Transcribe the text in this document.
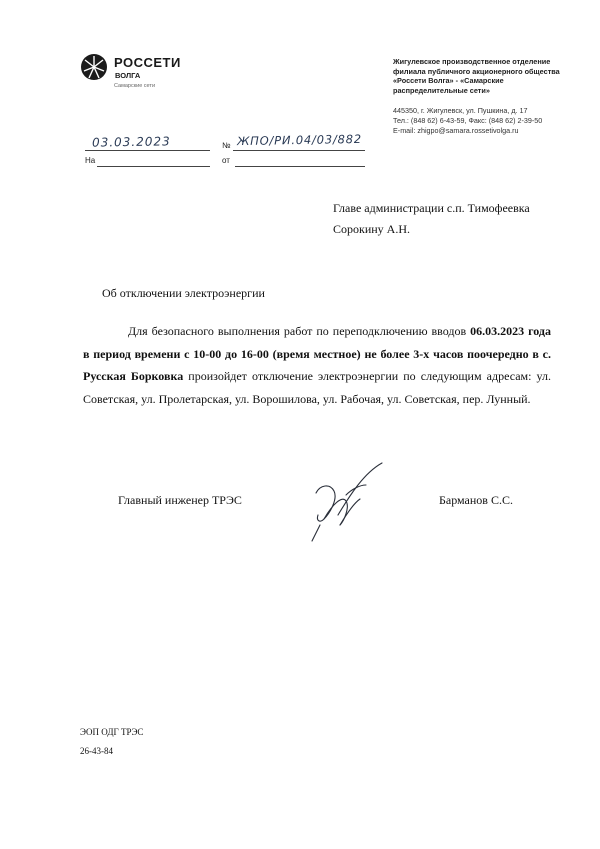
РОССЕТИ
ВОЛГА
Самарские сети
Жигулевское производственное отделение
филиала публичного акционерного общества
«Россети Волга» - «Самарские
распределительные сети»
445350, г. Жигулевск, ул. Пушкина, д. 17
Тел.: (848 62) 6-43-59, Факс: (848 62) 2-39-50
E-mail: zhigpo@samara.rossetivolga.ru
03.03.2023	№ ЖПО/РИ.04/03/882
На	от
Главе администрации с.п. Тимофеевка
Сорокину А.Н.
Об отключении электроэнергии
Для безопасного выполнения работ по переподключению вводов 06.03.2023 года в период времени с 10-00 до 16-00 (время местное) не более 3-х часов поочередно в с. Русская Борковка произойдет отключение электроэнергии по следующим адресам: ул. Советская, ул. Пролетарская, ул. Ворошилова, ул. Рабочая, ул. Советская, пер. Лунный.
Главный инженер ТРЭС	Барманов С.С.
ЭОП ОДГ ТРЭС
26-43-84
